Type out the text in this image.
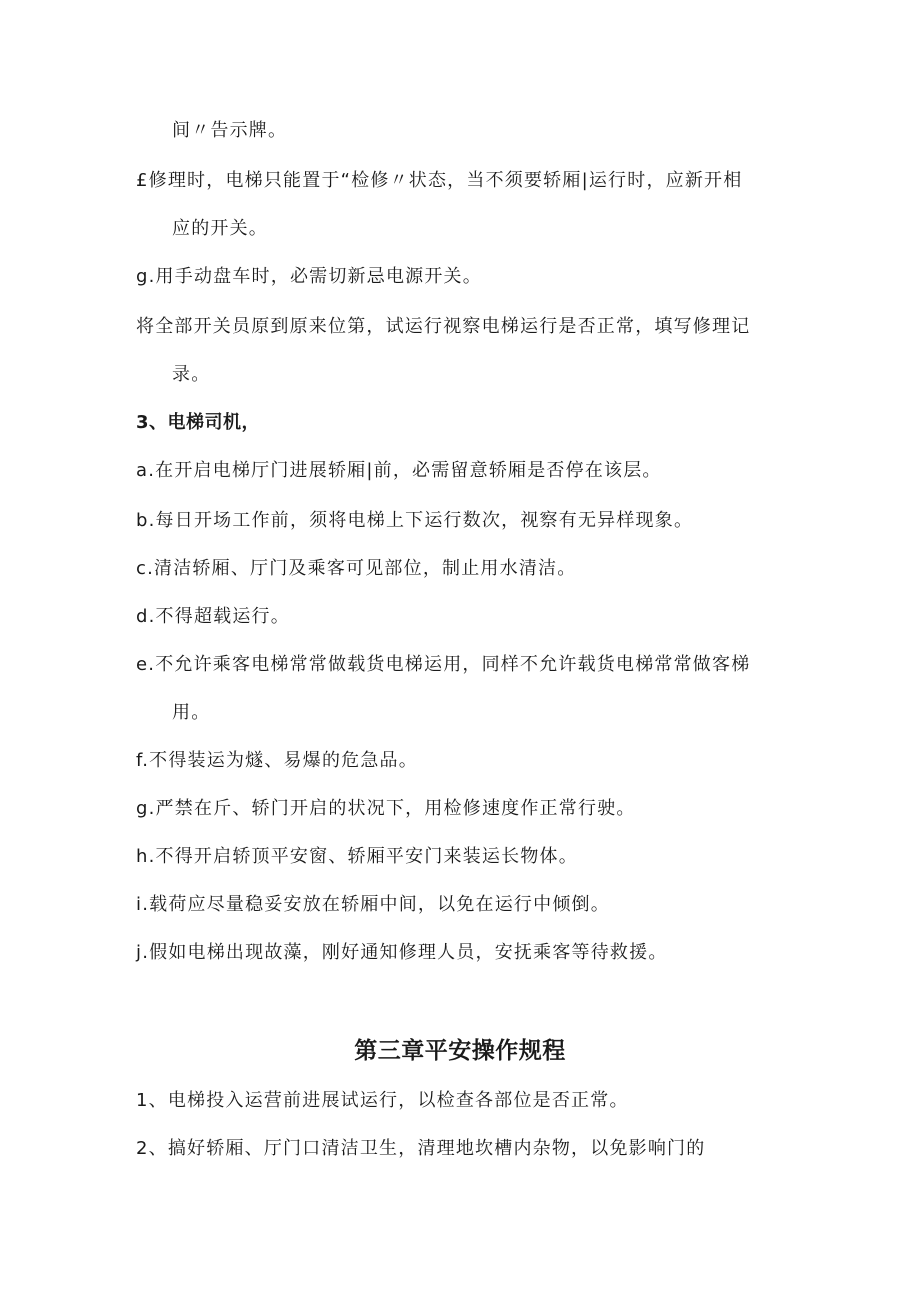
间〃告示牌。
£修理时，电梯只能置于“检修〃状态，当不须要轿厢|运行时，应新开相
应的开关。
g.用手动盘车时，必需切新忌电源开关。
将全部开关员原到原来位第，试运行视察电梯运行是否正常，填写修理记
录。
3、电梯司机，
a.在开启电梯厅门进展轿厢|前，必需留意轿厢是否停在该层。
b.每日开场工作前，须将电梯上下运行数次，视察有无异样现象。
c.清洁轿厢、厅门及乘客可见部位，制止用水清洁。
d.不得超载运行。
e.不允许乘客电梯常常做载货电梯运用，同样不允许载货电梯常常做客梯
用。
f.不得装运为燧、易爆的危急品。
g.严禁在斤、轿门开启的状况下，用检修速度作正常行驶。
h.不得开启轿顶平安窗、轿厢平安门来装运长物体。
i.载荷应尽量稳妥安放在轿厢中间，以免在运行中倾倒。
j.假如电梯出现故藻，刚好通知修理人员，安抚乘客等待救援。
第三章平安操作规程
1、电梯投入运营前进展试运行，以检查各部位是否正常。
2、搞好轿厢、厅门口清洁卫生，清理地坎槽内杂物，以免影响门的
